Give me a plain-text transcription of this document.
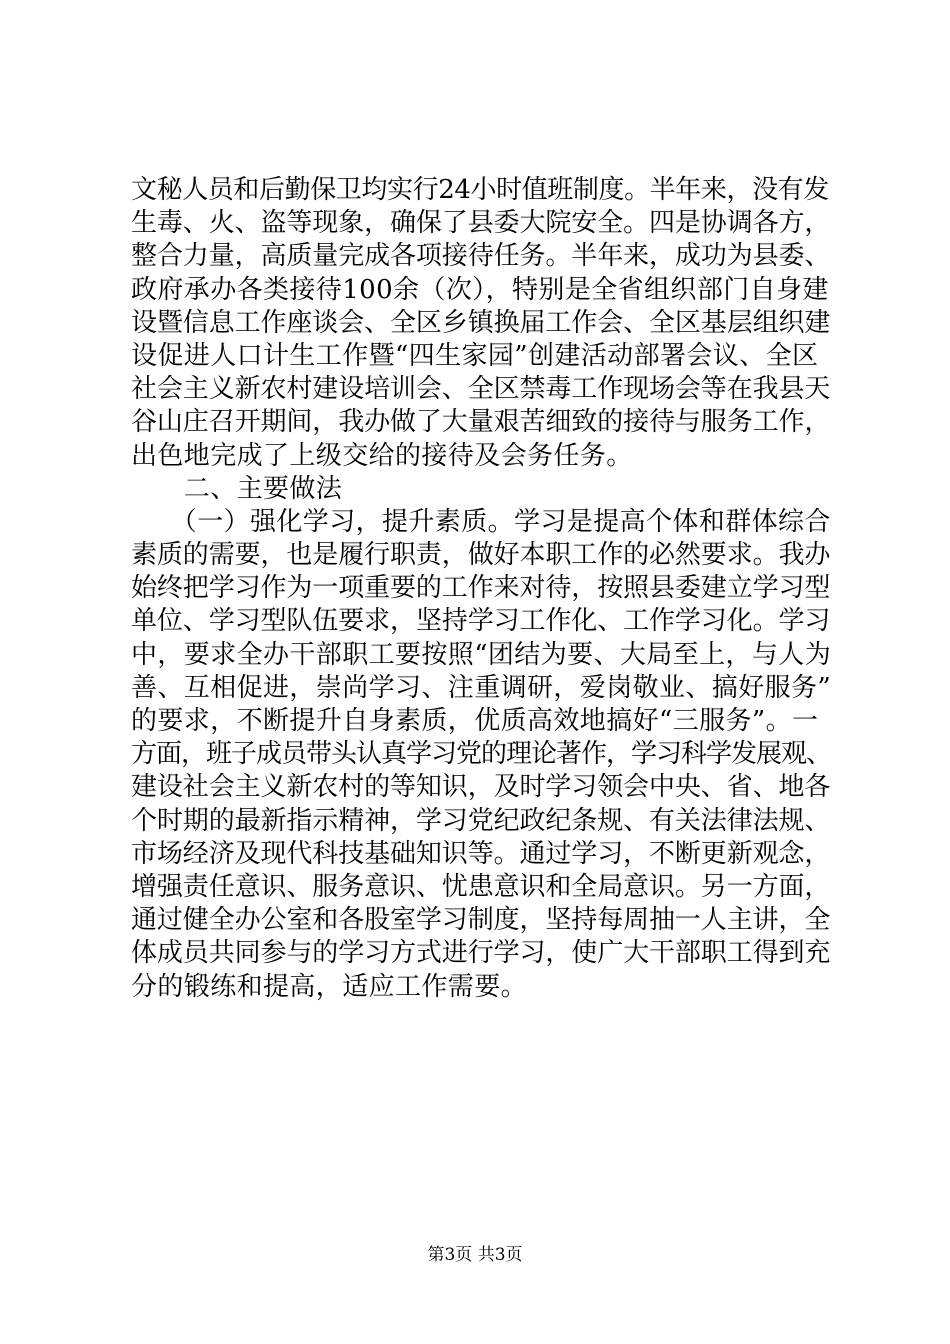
文秘人员和后勤保卫均实行24小时值班制度。半年来，没有发
生毒、火、盗等现象，确保了县委大院安全。四是协调各方，
整合力量，高质量完成各项接待任务。半年来，成功为县委、
政府承办各类接待100余（次），特别是全省组织部门自身建
设暨信息工作座谈会、全区乡镇换届工作会、全区基层组织建
设促进人口计生工作暨“四生家园”创建活动部署会议、全区
社会主义新农村建设培训会、全区禁毒工作现场会等在我县天
谷山庄召开期间，我办做了大量艰苦细致的接待与服务工作，
出色地完成了上级交给的接待及会务任务。
　　二、主要做法
　　（一）强化学习，提升素质。学习是提高个体和群体综合
素质的需要，也是履行职责，做好本职工作的必然要求。我办
始终把学习作为一项重要的工作来对待，按照县委建立学习型
单位、学习型队伍要求，坚持学习工作化、工作学习化。学习
中，要求全办干部职工要按照“团结为要、大局至上，与人为
善、互相促进，崇尚学习、注重调研，爱岗敬业、搞好服务”
的要求，不断提升自身素质，优质高效地搞好“三服务”。一
方面，班子成员带头认真学习党的理论著作，学习科学发展观、
建设社会主义新农村的等知识，及时学习领会中央、省、地各
个时期的最新指示精神，学习党纪政纪条规、有关法律法规、
市场经济及现代科技基础知识等。通过学习，不断更新观念，
增强责任意识、服务意识、忧患意识和全局意识。另一方面，
通过健全办公室和各股室学习制度，坚持每周抽一人主讲，全
体成员共同参与的学习方式进行学习，使广大干部职工得到充
分的锻练和提高，适应工作需要。
第3页 共3页
